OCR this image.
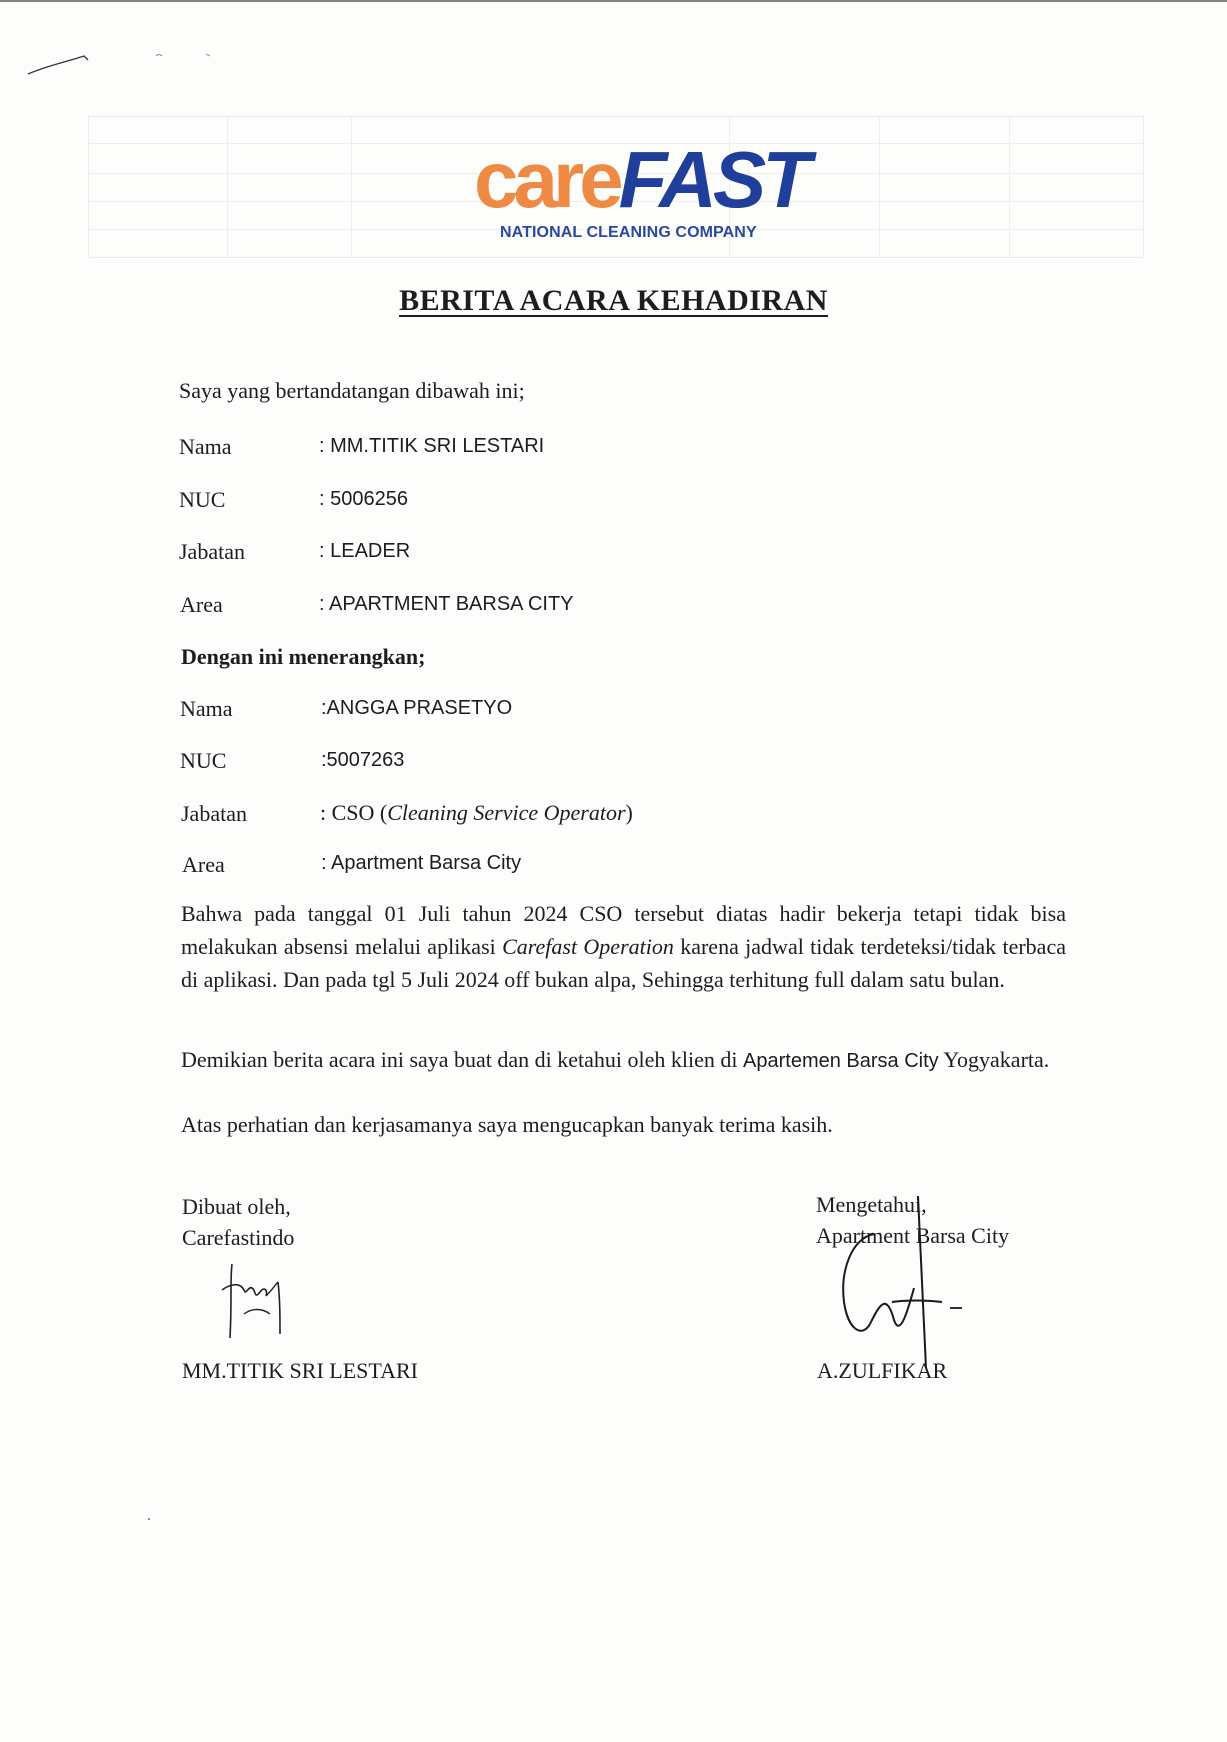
careFAST
NATIONAL CLEANING COMPANY
BERITA ACARA KEHADIRAN
Saya yang bertandatangan dibawah ini;
Nama	: MM.TITIK SRI LESTARI
NUC	: 5006256
Jabatan	: LEADER
Area	: APARTMENT BARSA CITY
Dengan ini menerangkan;
Nama	:ANGGA PRASETYO
NUC	:5007263
Jabatan	: CSO (Cleaning Service Operator)
Area	: Apartment Barsa City
Bahwa pada tanggal 01 Juli tahun 2024 CSO tersebut diatas hadir bekerja tetapi tidak bisa melakukan absensi melalui aplikasi Carefast Operation karena jadwal tidak terdeteksi/tidak terbaca di aplikasi. Dan pada tgl 5 Juli 2024 off bukan alpa, Sehingga terhitung full dalam satu bulan.
Demikian berita acara ini saya buat dan di ketahui oleh klien di Apartemen Barsa City Yogyakarta.
Atas perhatian dan kerjasamanya saya mengucapkan banyak terima kasih.
Dibuat oleh,
Carefastindo
MM.TITIK SRI LESTARI
Mengetahui,
Apartment Barsa City
A.ZULFIKAR
